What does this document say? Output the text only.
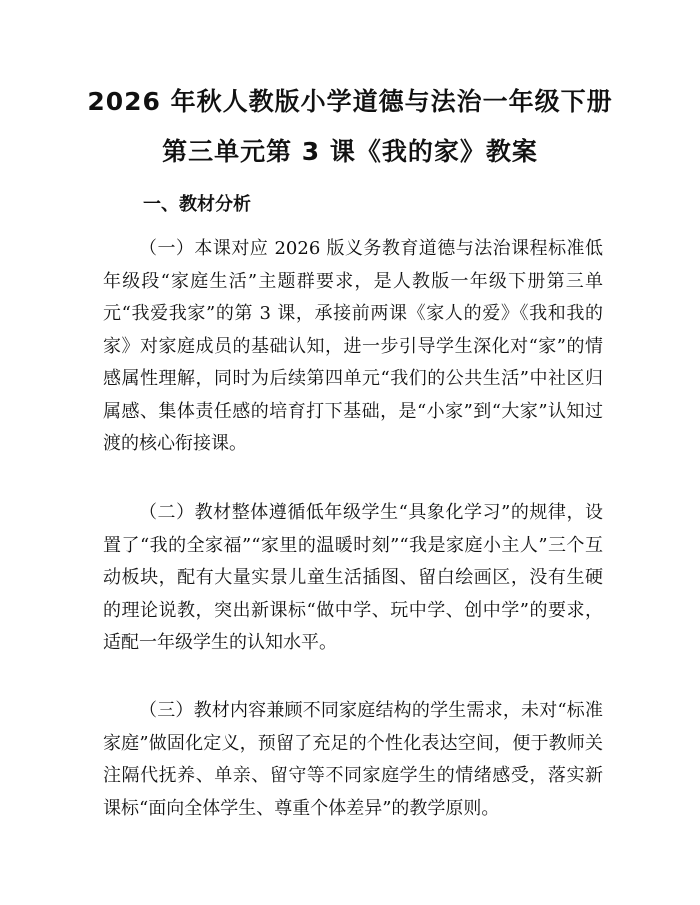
2026 年秋人教版小学道德与法治一年级下册
第三单元第 3 课《我的家》教案
一、教材分析

（一）本课对应 2026 版义务教育道德与法治课程标准低年级段“家庭生活”主题群要求，是人教版一年级下册第三单元“我爱我家”的第 3 课，承接前两课《家人的爱》《我和我的家》对家庭成员的基础认知，进一步引导学生深化对“家”的情感属性理解，同时为后续第四单元“我们的公共生活”中社区归属感、集体责任感的培育打下基础，是“小家”到“大家”认知过渡的核心衔接课。

（二）教材整体遵循低年级学生“具象化学习”的规律，设置了“我的全家福”“家里的温暖时刻”“我是家庭小主人”三个互动板块，配有大量实景儿童生活插图、留白绘画区，没有生硬的理论说教，突出新课标“做中学、玩中学、创中学”的要求，适配一年级学生的认知水平。

（三）教材内容兼顾不同家庭结构的学生需求，未对“标准家庭”做固化定义，预留了充足的个性化表达空间，便于教师关注隔代抚养、单亲、留守等不同家庭学生的情绪感受，落实新课标“面向全体学生、尊重个体差异”的教学原则。
